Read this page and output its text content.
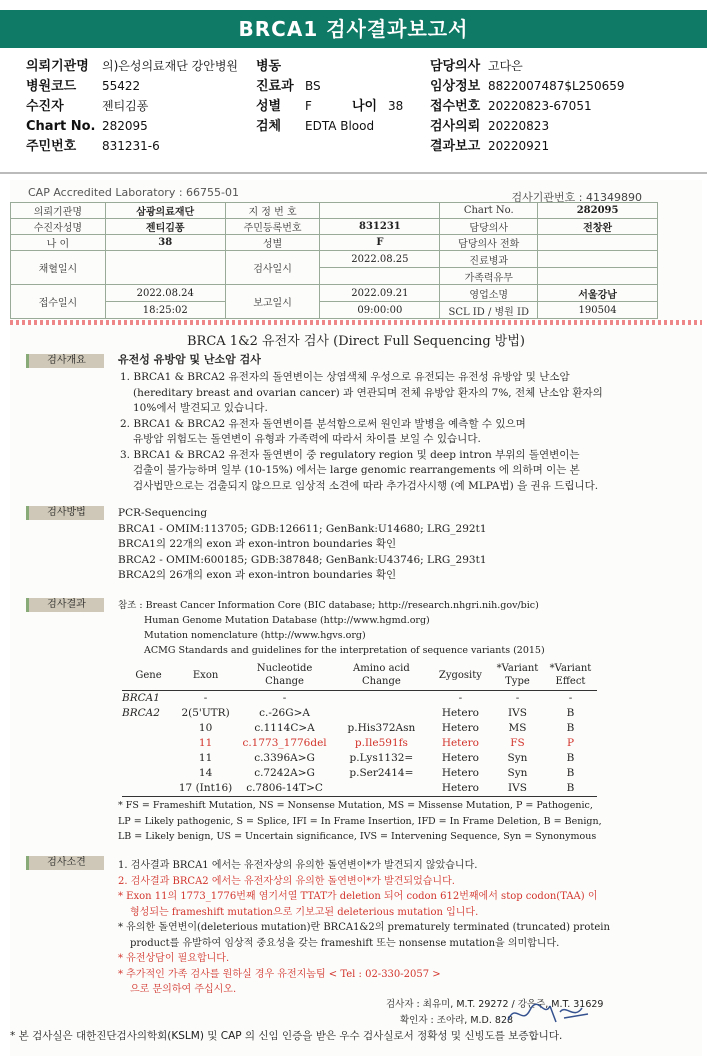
BRCA1 검사결과보고서
의뢰기관명 의)은성의료재단 강안병원 병동	담당의사 고다은
병원코드 55422	진료과 BS	임상정보 8822007487$L250659
수진자	젠티김퐁	성별 F	나이 38 접수번호 20220823-67051
Chart No. 282095	검체 EDTA Blood	검사의뢰 20220823
주민번호 831231-6	결과보고 20220921
CAP Accredited Laboratory : 66755-01	검사기관번호 : 41349890
의뢰기관명	삼광의료재단	지 정 번 호		Chart No.	282095
수진자성명	젠티김퐁	주민등록번호	831231	담당의사	전창완
나 이	38	성별	F	담당의사 전화	
채혈일시		검사일시	2022.08.25	진료병과	
				가족력유무	
접수일시	2022.08.24	보고일시	2022.09.21	영업소명	서울강남
	18:25:02		09:00:00	SCL ID / 병원 ID	190504
BRCA 1&2 유전자 검사 (Direct Full Sequencing 방법)
검사개요	유전성 유방암 및 난소암 검사
1. BRCA1 & BRCA2 유전자의 돌연변이는 상염색체 우성으로 유전되는 유전성 유방암 및 난소암
(hereditary breast and ovarian cancer) 과 연관되며 전체 유방암 환자의 7%, 전체 난소암 환자의
10%에서 발견되고 있습니다.
2. BRCA1 & BRCA2 유전자 돌연변이를 분석함으로써 원인과 발병을 예측할 수 있으며
유방암 위험도는 돌연변이 유형과 가족력에 따라서 차이를 보일 수 있습니다.
3. BRCA1 & BRCA2 유전자 돌연변이 중 regulatory region 및 deep intron 부위의 돌연변이는
검출이 불가능하며 일부 (10-15%) 에서는 large genomic rearrangements 에 의하며 이는 본
검사법만으로는 검출되지 않으므로 임상적 소견에 따라 추가검사시행 (예 MLPA법) 을 권유 드립니다.
검사방법	PCR-Sequencing
BRCA1 - OMIM:113705; GDB:126611; GenBank:U14680; LRG_292t1
BRCA1의 22개의 exon 과 exon-intron boundaries 확인
BRCA2 - OMIM:600185; GDB:387848; GenBank:U43746; LRG_293t1
BRCA2의 26개의 exon 과 exon-intron boundaries 확인
검사결과	참조 : Breast Cancer Information Core (BIC database; http://research.nhgri.nih.gov/bic)
Human Genome Mutation Database (http://www.hgmd.org)
Mutation nomenclature (http://www.hgvs.org)
ACMG Standards and guidelines for the interpretation of sequence variants (2015)
Gene	Exon	Nucleotide Change	Amino acid Change	Zygosity	*Variant Type	*Variant Effect
BRCA1	-	-		-	-	-
BRCA2	2(5'UTR)	c.-26G>A		Hetero	IVS	B
	10	c.1114C>A	p.His372Asn	Hetero	MS	B
	11	c.1773_1776del	p.Ile591fs	Hetero	FS	P
	11	c.3396A>G	p.Lys1132=	Hetero	Syn	B
	14	c.7242A>G	p.Ser2414=	Hetero	Syn	B
	17 (Int16)	c.7806-14T>C		Hetero	IVS	B
* FS = Frameshift Mutation, NS = Nonsense Mutation, MS = Missense Mutation, P = Pathogenic,
LP = Likely pathogenic, S = Splice, IFI = In Frame Insertion, IFD = In Frame Deletion, B = Benign,
LB = Likely benign, US = Uncertain significance, IVS = Intervening Sequence, Syn = Synonymous
검사소견	1. 검사결과 BRCA1 에서는 유전자상의 유의한 돌연변이*가 발견되지 않았습니다.
2. 검사결과 BRCA2 에서는 유전자상의 유의한 돌연변이*가 발견되었습니다.
* Exon 11의 1773_1776번째 염기서열 TTAT가 deletion 되어 codon 612번째에서 stop codon(TAA) 이
형성되는 frameshift mutation으로 기보고된 deleterious mutation 입니다.
* 유의한 돌연변이(deleterious mutation)란 BRCA1&2의 prematurely terminated (truncated) protein
product를 유발하여 임상적 중요성을 갖는 frameshift 또는 nonsense mutation을 의미합니다.
* 유전상담이 필요합니다.
* 추가적인 가족 검사를 원하실 경우 유전지놈팀 < Tel : 02-330-2057 >
으로 문의하여 주십시오.
검사자 : 최유미, M.T. 29272 / 강은주, M.T. 31629
확인자 : 조아라, M.D. 828
* 본 검사실은 대한진단검사의학회(KSLM) 및 CAP 의 신임 인증을 받은 우수 검사실로서 정확성 및 신빙도를 보증합니다.
